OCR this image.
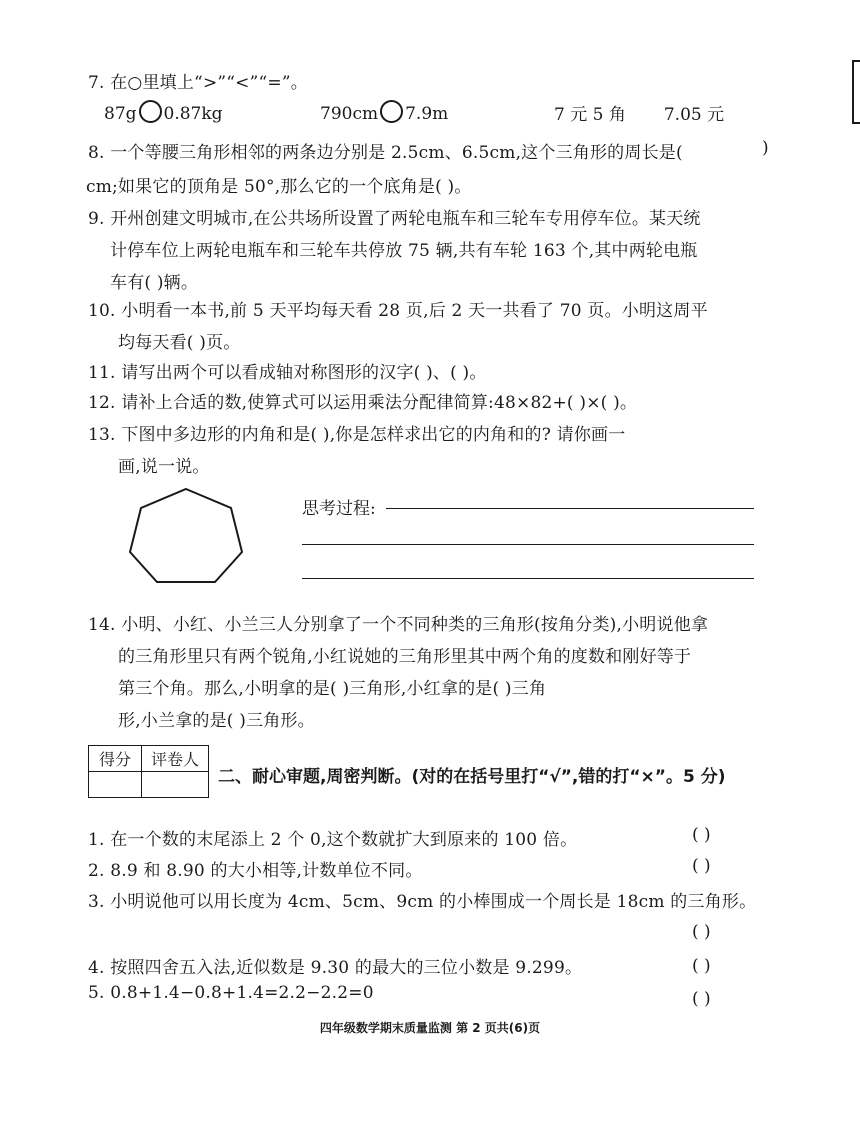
7. 在○里填上“>”“<”“=”。
87g 0.87kg	790cm 7.9m	7 元 5 角 7.05 元
8. 一个等腰三角形相邻的两条边分别是 2.5cm、6.5cm,这个三角形的周长是(	)
cm;如果它的顶角是 50°,那么它的一个底角是( )。
9. 开州创建文明城市,在公共场所设置了两轮电瓶车和三轮车专用停车位。某天统
计停车位上两轮电瓶车和三轮车共停放 75 辆,共有车轮 163 个,其中两轮电瓶
车有( )辆。
10. 小明看一本书,前 5 天平均每天看 28 页,后 2 天一共看了 70 页。小明这周平
均每天看( )页。
11. 请写出两个可以看成轴对称图形的汉字( )、( )。
12. 请补上合适的数,使算式可以运用乘法分配律简算:48×82+( )×( )。
13. 下图中多边形的内角和是( ),你是怎样求出它的内角和的? 请你画一
画,说一说。
思考过程:
14. 小明、小红、小兰三人分别拿了一个不同种类的三角形(按角分类),小明说他拿
的三角形里只有两个锐角,小红说她的三角形里其中两个角的度数和刚好等于
第三个角。那么,小明拿的是( )三角形,小红拿的是( )三角
形,小兰拿的是( )三角形。
得分	评卷人

二、耐心审题,周密判断。(对的在括号里打“√”,错的打“×”。5 分)
1. 在一个数的末尾添上 2 个 0,这个数就扩大到原来的 100 倍。	( )
2. 8.9 和 8.90 的大小相等,计数单位不同。	( )
3. 小明说他可以用长度为 4cm、5cm、9cm 的小棒围成一个周长是 18cm 的三角形。
( )
4. 按照四舍五入法,近似数是 9.30 的最大的三位小数是 9.299。	( )
5. 0.8+1.4−0.8+1.4=2.2−2.2=0	( )
四年级数学期末质量监测 第 2 页共(6)页
